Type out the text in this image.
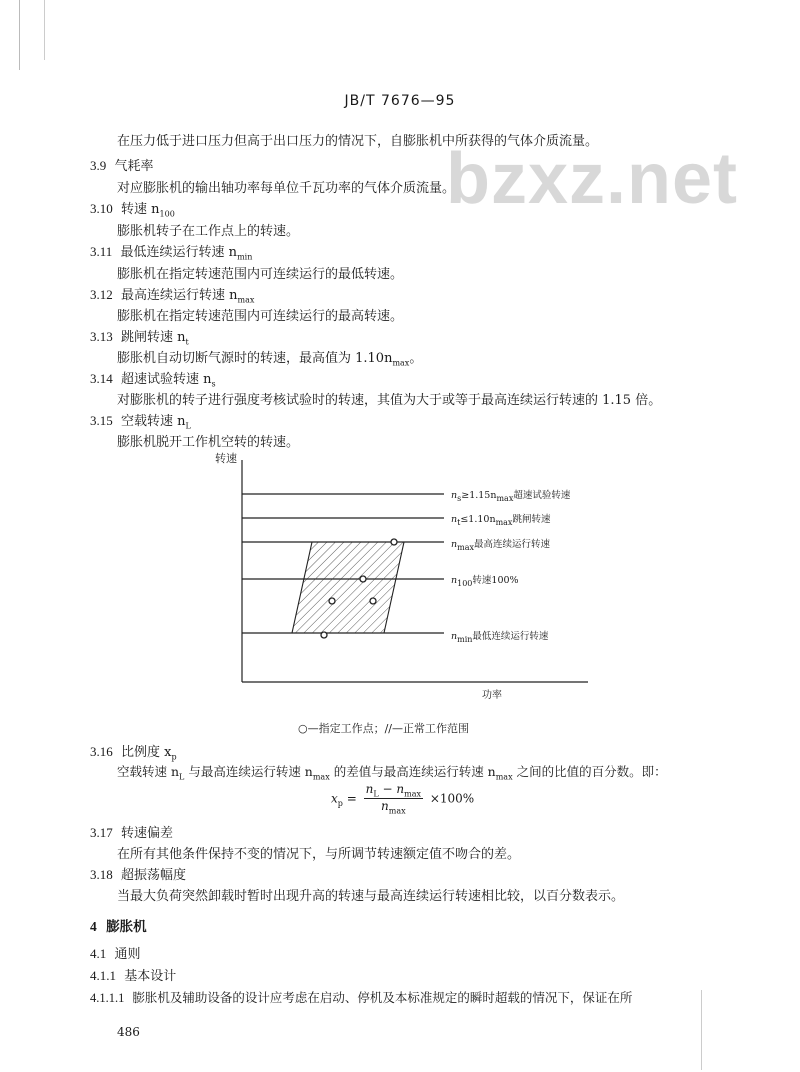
JB/T 7676—95
bzxz.net
在压力低于进口压力但高于出口压力的情况下，自膨胀机中所获得的气体介质流量。
3.9 气耗率
对应膨胀机的输出轴功率每单位千瓦功率的气体介质流量。
3.10 转速 $n_{100}$
膨胀机转子在工作点上的转速。
3.11 最低连续运行转速 $n_{min}$
膨胀机在指定转速范围内可连续运行的最低转速。
3.12 最高连续运行转速 $n_{max}$
膨胀机在指定转速范围内可连续运行的最高转速。
3.13 跳闸转速 $n_t$
膨胀机自动切断气源时的转速，最高值为 $1.10n_{max}$。
3.14 超速试验转速 $n_s$
对膨胀机的转子进行强度考核试验时的转速，其值为大于或等于最高连续运行转速的 1.15 倍。
3.15 空载转速 $n_L$
膨胀机脱开工作机空转的转速。
转速
功率
$n_s\ge 1.15n_{max}$超速试验转速
$n_t\le 1.10n_{max}$跳闸转速
$n_{max}$最高连续运行转速
$n_{100}$转速100%
$n_{min}$最低连续运行转速
○—指定工作点；//—正常工作范围
3.16 比例度 $x_p$
空载转速 $n_L$ 与最高连续运行转速 $n_{max}$ 的差值与最高连续运行转速 $n_{max}$ 之间的比值的百分数。即：
$x_p = \frac{n_L - n_{max}}{n_{max}} \times 100\%$
3.17 转速偏差
在所有其他条件保持不变的情况下，与所调节转速额定值不吻合的差。
3.18 超振荡幅度
当最大负荷突然卸载时暂时出现升高的转速与最高连续运行转速相比较，以百分数表示。
4 膨胀机
4.1 通则
4.1.1 基本设计
4.1.1.1 膨胀机及辅助设备的设计应考虑在启动、停机及本标准规定的瞬时超载的情况下，保证在所
486
